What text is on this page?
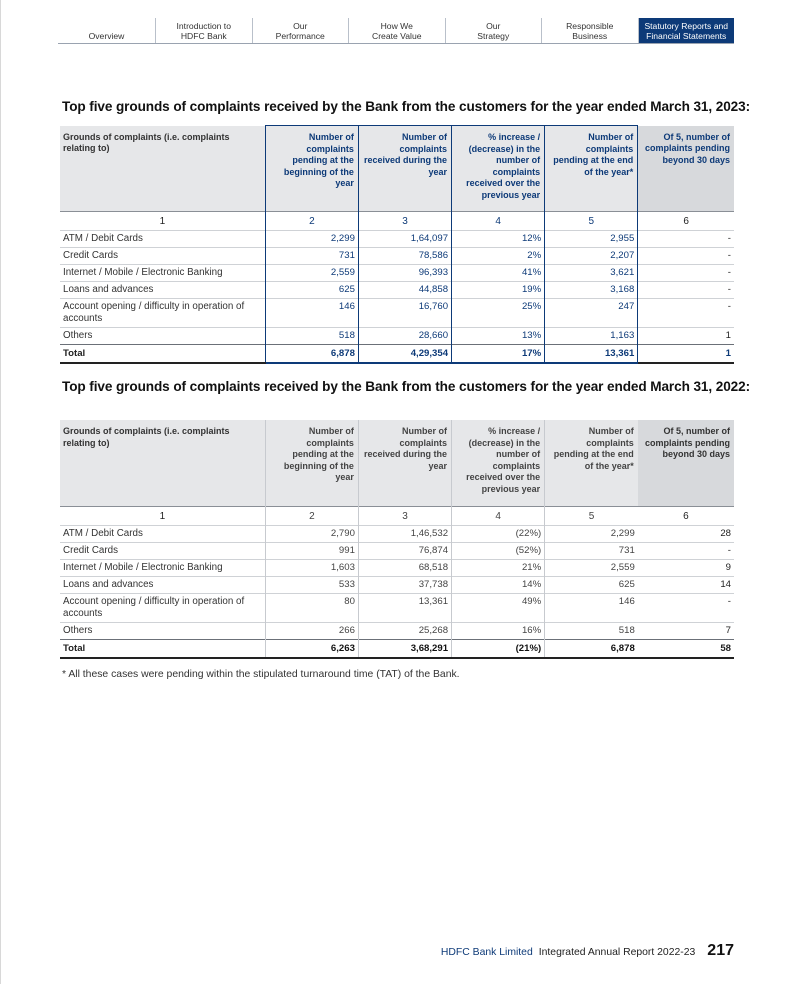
Overview
Introduction to
HDFC Bank
Our
Performance
How We
Create Value
Our
Strategy
Responsible
Business
Statutory Reports and
Financial Statements
Top five grounds of complaints received by the Bank from the customers for the year ended March 31, 2023:
Grounds of complaints (i.e. complaints relating to)	Number of complaints pending at the beginning of the year	Number of complaints received during the year	% increase / (decrease) in the number of complaints received over the previous year	Number of complaints pending at the end of the year*	Of 5, number of complaints pending beyond 30 days
1	2	3	4	5	6
ATM / Debit Cards	2,299	1,64,097	12%	2,955	-
Credit Cards	731	78,586	2%	2,207	-
Internet / Mobile / Electronic Banking	2,559	96,393	41%	3,621	-
Loans and advances	625	44,858	19%	3,168	-
Account opening / difficulty in operation of accounts	146	16,760	25%	247	-
Others	518	28,660	13%	1,163	1
Total	6,878	4,29,354	17%	13,361	1
Top five grounds of complaints received by the Bank from the customers for the year ended March 31, 2022:
Grounds of complaints (i.e. complaints relating to)	Number of complaints pending at the beginning of the year	Number of complaints received during the year	% increase / (decrease) in the number of complaints received over the previous year	Number of complaints pending at the end of the year*	Of 5, number of complaints pending beyond 30 days
1	2	3	4	5	6
ATM / Debit Cards	2,790	1,46,532	(22%)	2,299	28
Credit Cards	991	76,874	(52%)	731	-
Internet / Mobile / Electronic Banking	1,603	68,518	21%	2,559	9
Loans and advances	533	37,738	14%	625	14
Account opening / difficulty in operation of accounts	80	13,361	49%	146	-
Others	266	25,268	16%	518	7
Total	6,263	3,68,291	(21%)	6,878	58

* All these cases were pending within the stipulated turnaround time (TAT) of the Bank.

HDFC Bank Limited Integrated Annual Report 2022-23 217
